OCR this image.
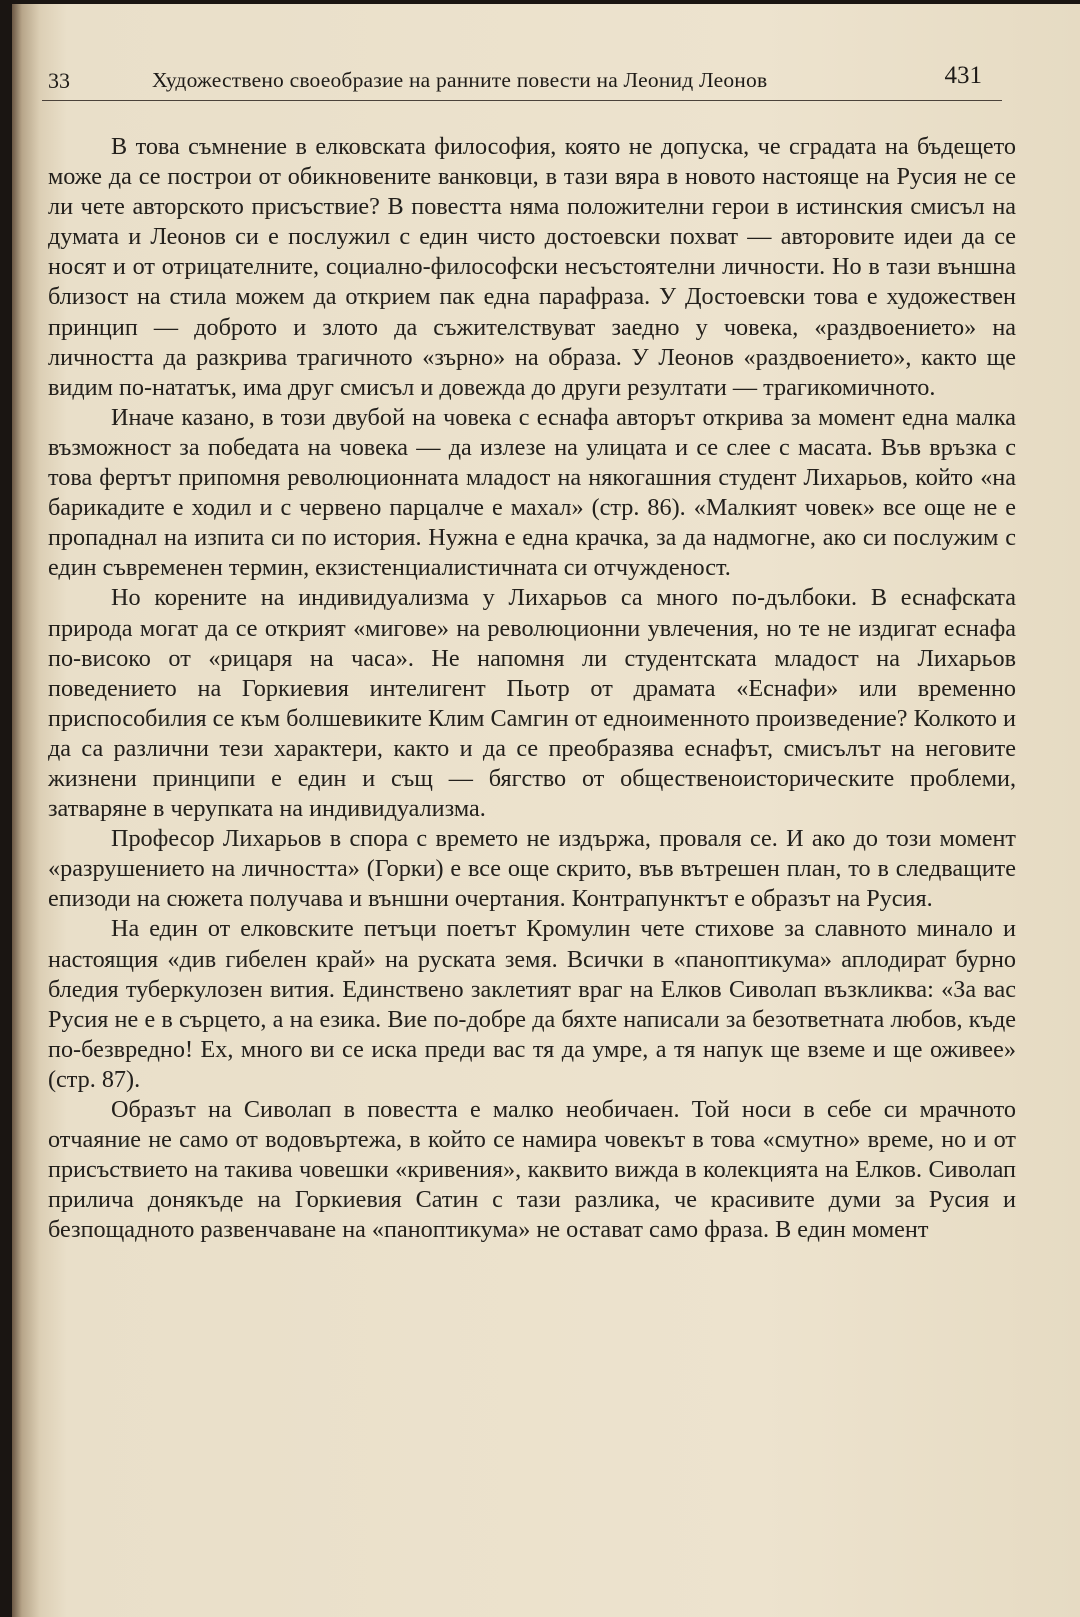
33	Художествено своеобразие на ранните повести на Леонид Леонов	431

В това съмнение в елковската философия, която не допуска, че сградата на бъдещето може да се построи от обикновените ванковци, в тази вяра в новото настояще на Русия не се ли чете авторското присъствие? В повестта няма положителни герои в истинския смисъл на думата и Леонов си е послужил с един чисто достоевски похват — авторовите идеи да се носят и от отрицателните, социално-философски несъстоятелни личности. Но в тази външна близост на стила можем да открием пак една парафраза. У Достоевски това е художествен принцип — доброто и злото да съжителствуват заедно у човека, «раздвоението» на личността да разкрива трагичното «зърно» на образа. У Леонов «раздвоението», както ще видим по-нататък, има друг смисъл и довежда до други резултати — трагикомичното.

Иначе казано, в този двубой на човека с еснафа авторът открива за момент една малка възможност за победата на човека — да излезе на улицата и се слее с масата. Във връзка с това фертът припомня революционната младост на някогашния студент Лихарьов, който «на барикадите е ходил и с червено парцалче е махал» (стр. 86). «Малкият човек» все още не е пропаднал на изпита си по история. Нужна е една крачка, за да надмогне, ако си послужим с един съвременен термин, екзистенциалистичната си отчужденост.

Но корените на индивидуализма у Лихарьов са много по-дълбоки. В еснафската природа могат да се открият «мигове» на революционни увлечения, но те не издигат еснафа по-високо от «рицаря на часа». Не напомня ли студентската младост на Лихарьов поведението на Горкиевия интелигент Пьотр от драмата «Еснафи» или временно приспособилия се към болшевиките Клим Самгин от едноименното произведение? Колкото и да са различни тези характери, както и да се преобразява еснафът, смисълът на неговите жизнени принципи е един и същ — бягство от общественоисторическите проблеми, затваряне в черупката на индивидуализма.

Професор Лихарьов в спора с времето не издържа, проваля се. И ако до този момент «разрушението на личността» (Горки) е все още скрито, във вътрешен план, то в следващите епизоди на сюжета получава и външни очертания. Контрапунктът е образът на Русия.

На един от елковските петъци поетът Кромулин чете стихове за славното минало и настоящия «див гибелен край» на руската земя. Всички в «паноптикума» аплодират бурно бледия туберкулозен вития. Единствено заклетият враг на Елков Сиволап възкликва: «За вас Русия не е в сърцето, а на езика. Вие по-добре да бяхте написали за безответната любов, къде по-безвредно! Ех, много ви се иска преди вас тя да умре, а тя напук ще вземе и ще оживее» (стр. 87).

Образът на Сиволап в повестта е малко необичаен. Той носи в себе си мрачното отчаяние не само от водовъртежа, в който се намира човекът в това «смутно» време, но и от присъствието на такива човешки «кривения», каквито вижда в колекцията на Елков. Сиволап прилича донякъде на Горкиевия Сатин с тази разлика, че красивите думи за Русия и безпощадното развенчаване на «паноптикума» не остават само фраза. В един момент
